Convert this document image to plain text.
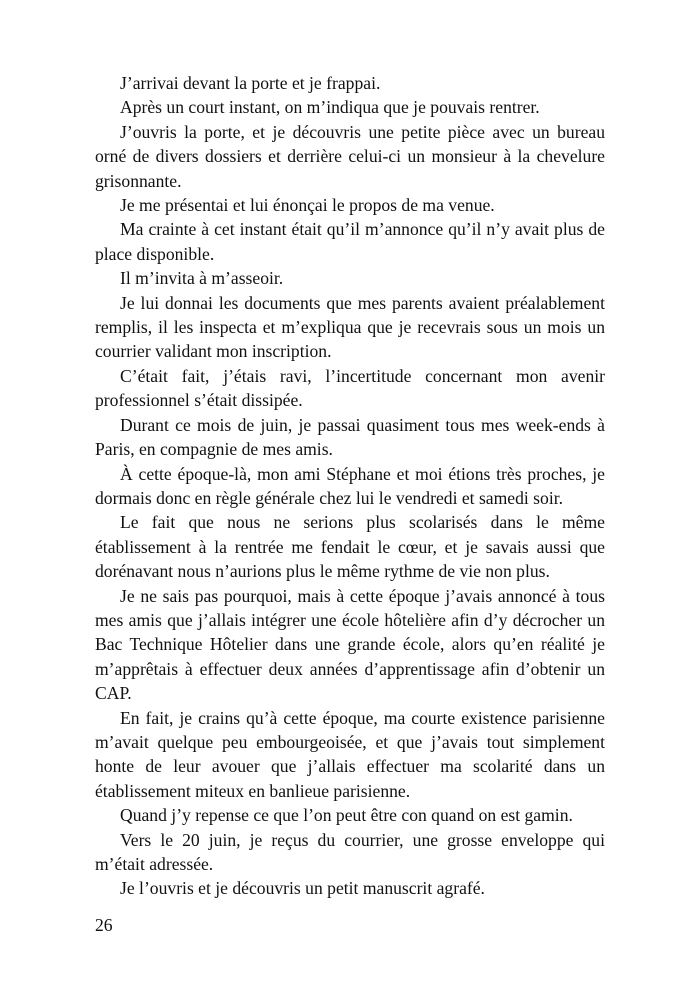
J’arrivai devant la porte et je frappai.

Après un court instant, on m’indiqua que je pouvais rentrer.

J’ouvris la porte, et je découvris une petite pièce avec un bureau orné de divers dossiers et derrière celui-ci un monsieur à la chevelure grisonnante.

Je me présentai et lui énonçai le propos de ma venue.

Ma crainte à cet instant était qu’il m’annonce qu’il n’y avait plus de place disponible.

Il m’invita à m’asseoir.

Je lui donnai les documents que mes parents avaient préalablement remplis, il les inspecta et m’expliqua que je recevrais sous un mois un courrier validant mon inscription.

C’était fait, j’étais ravi, l’incertitude concernant mon avenir professionnel s’était dissipée.

Durant ce mois de juin, je passai quasiment tous mes week-ends à Paris, en compagnie de mes amis.

À cette époque-là, mon ami Stéphane et moi étions très proches, je dormais donc en règle générale chez lui le vendredi et samedi soir.

Le fait que nous ne serions plus scolarisés dans le même établissement à la rentrée me fendait le cœur, et je savais aussi que dorénavant nous n’aurions plus le même rythme de vie non plus.

Je ne sais pas pourquoi, mais à cette époque j’avais annoncé à tous mes amis que j’allais intégrer une école hôtelière afin d’y décrocher un Bac Technique Hôtelier dans une grande école, alors qu’en réalité je m’apprêtais à effectuer deux années d’apprentissage afin d’obtenir un CAP.

En fait, je crains qu’à cette époque, ma courte existence parisienne m’avait quelque peu embourgeoisée, et que j’avais tout simplement honte de leur avouer que j’allais effectuer ma scolarité dans un établissement miteux en banlieue parisienne.

Quand j’y repense ce que l’on peut être con quand on est gamin.

Vers le 20 juin, je reçus du courrier, une grosse enveloppe qui m’était adressée.

Je l’ouvris et je découvris un petit manuscrit agrafé.

26
